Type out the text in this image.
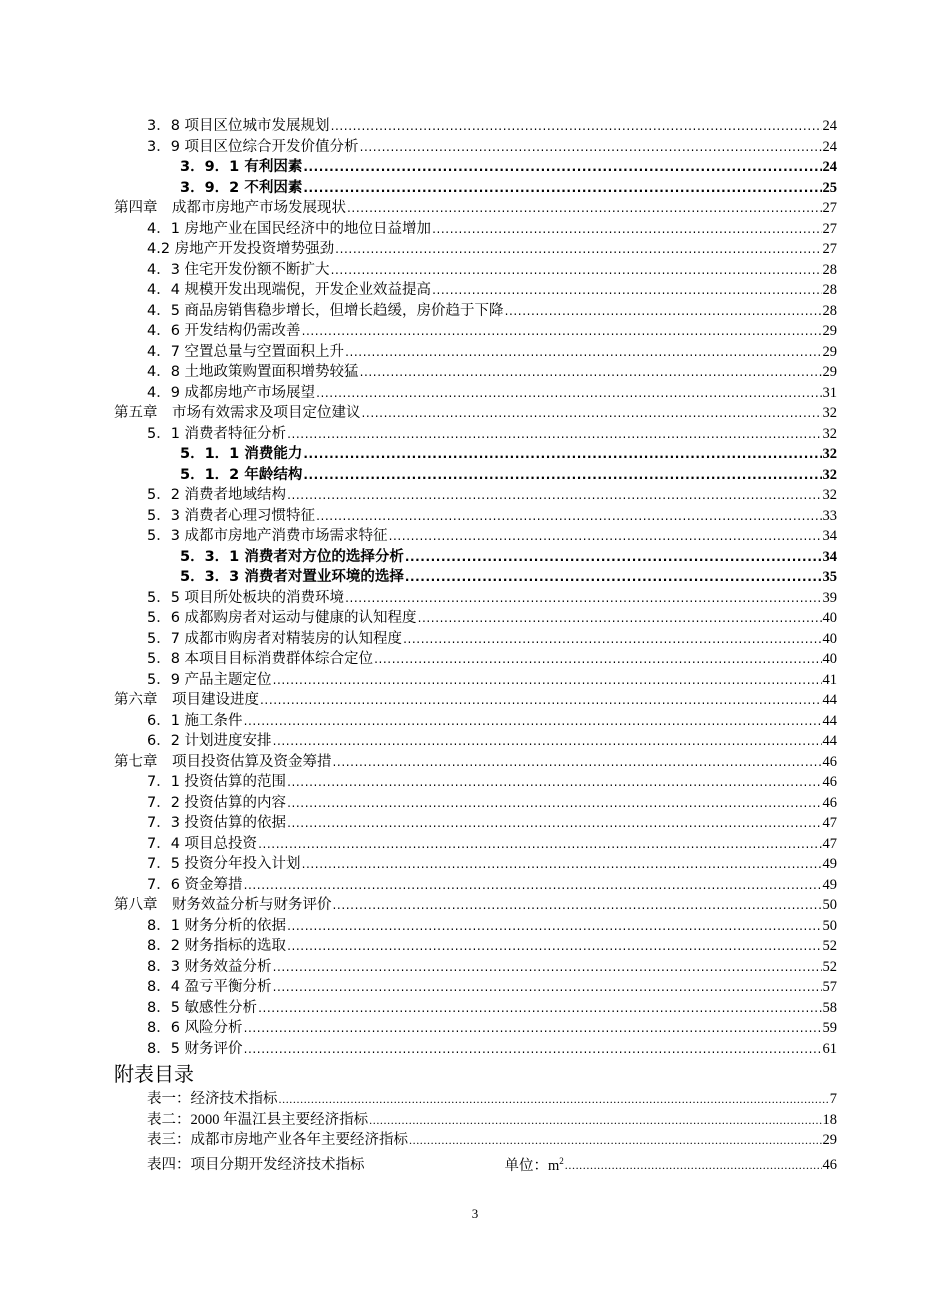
3．8 项目区位城市发展规划 .....	24
3．9 项目区位综合开发价值分析 .....	24
3．9．1 有利因素 .....	24
3．9．2 不利因素 .....	25
第四章　成都市房地产市场发展现状 .....	27
4．1 房地产业在国民经济中的地位日益增加 .....	27
4.2 房地产开发投资增势强劲 .....	27
4．3 住宅开发份额不断扩大 .....	28
4．4 规模开发出现端倪，开发企业效益提高 .....	28
4．5 商品房销售稳步增长，但增长趋缓，房价趋于下降 .....	28
4．6 开发结构仍需改善 .....	29
4．7 空置总量与空置面积上升 .....	29
4．8 土地政策购置面积增势较猛 .....	29
4．9 成都房地产市场展望 .....	31
第五章　市场有效需求及项目定位建议 .....	32
5．1 消费者特征分析 .....	32
5．1．1 消费能力 .....	32
5．1．2 年龄结构 .....	32
5．2 消费者地域结构 .....	32
5．3 消费者心理习惯特征 .....	33
5．3 成都市房地产消费市场需求特征 .....	34
5．3．1 消费者对方位的选择分析 .....	34
5．3．3 消费者对置业环境的选择 .....	35
5．5 项目所处板块的消费环境 .....	39
5．6 成都购房者对运动与健康的认知程度 .....	40
5．7 成都市购房者对精装房的认知程度 .....	40
5．8 本项目目标消费群体综合定位 .....	40
5．9 产品主题定位 .....	41
第六章　项目建设进度 .....	44
6．1 施工条件 .....	44
6．2 计划进度安排 .....	44
第七章　项目投资估算及资金筹措 .....	46
7．1 投资估算的范围 .....	46
7．2 投资估算的内容 .....	46
7．3 投资估算的依据 .....	47
7．4 项目总投资 .....	47
7．5 投资分年投入计划 .....	49
7．6 资金筹措 .....	49
第八章　财务效益分析与财务评价 .....	50
8．1 财务分析的依据 .....	50
8．2 财务指标的选取 .....	52
8．3 财务效益分析 .....	52
8．4 盈亏平衡分析 .....	57
8．5 敏感性分析 .....	58
8．6 风险分析 .....	59
8．5 财务评价 .....	61
附表目录
表一：经济技术指标 .....	7
表二：2000 年温江县主要经济指标 .....	18
表三：成都市房地产业各年主要经济指标 .....	29
表四：项目分期开发经济技术指标	单位：$m^2$ .....	46
3
